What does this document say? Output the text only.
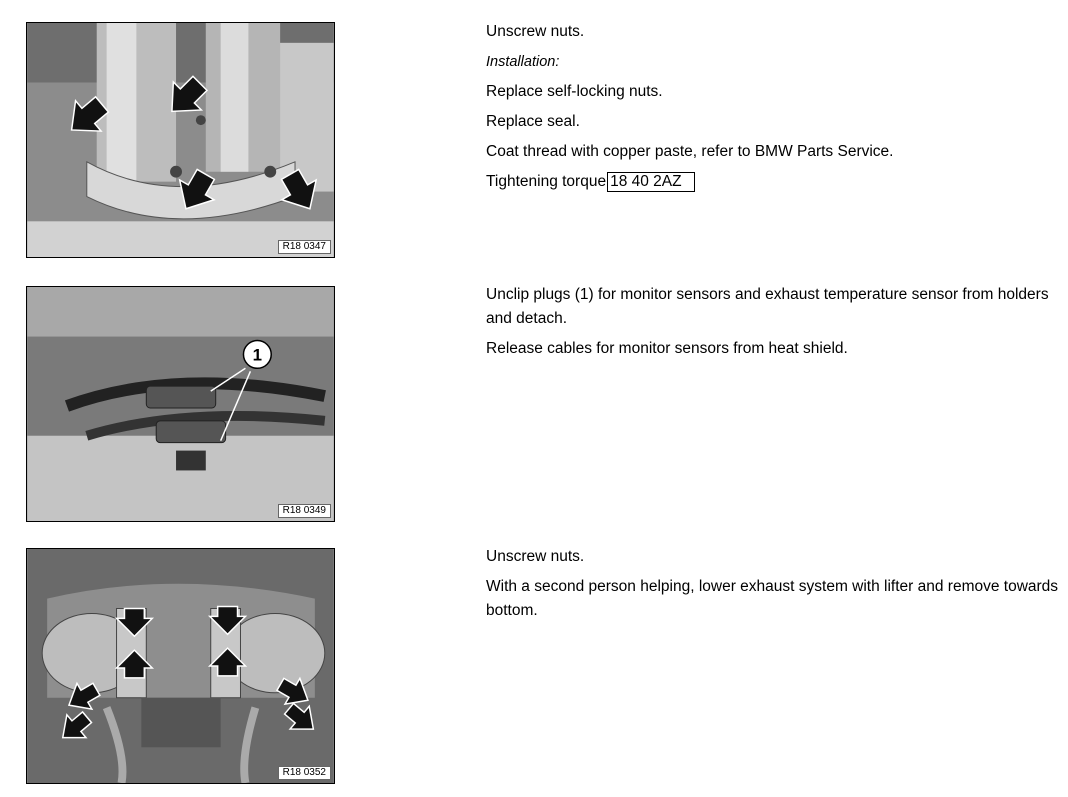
R18 0347

Unscrew nuts.

Installation:

Replace self-locking nuts.

Replace seal.

Coat thread with copper paste, refer to BMW Parts Service.

Tightening torque 18 40 2AZ

1
R18 0349

Unclip plugs (1) for monitor sensors and exhaust temperature sensor from holders and detach.

Release cables for monitor sensors from heat shield.

R18 0352

Unscrew nuts.

With a second person helping, lower exhaust system with lifter and remove towards bottom.
